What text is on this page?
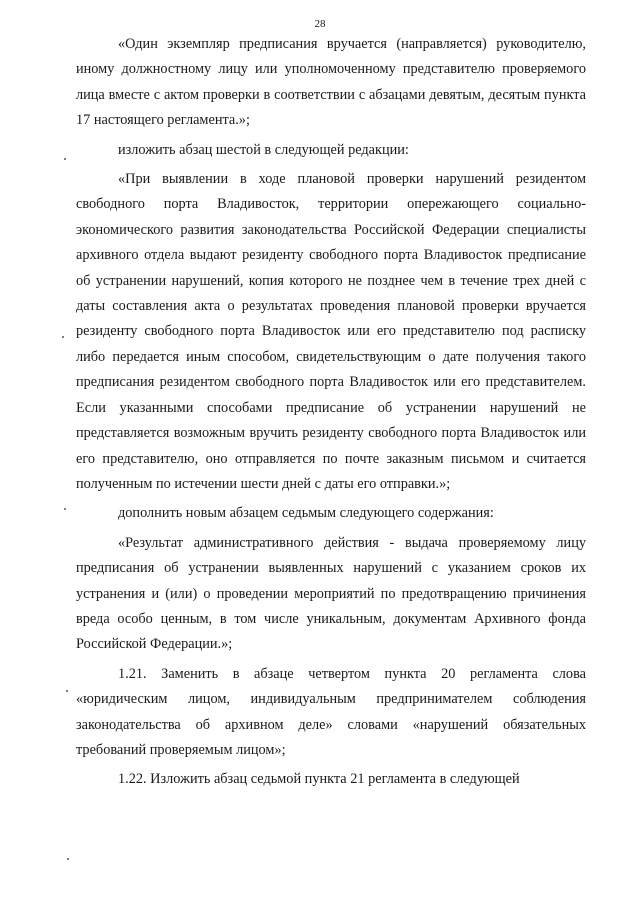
28

«Один экземпляр предписания вручается (направляется) руководителю, иному должностному лицу или уполномоченному представителю проверяемого лица вместе с актом проверки в соответствии с абзацами девятым, десятым пункта 17 настоящего регламента.»;

изложить абзац шестой в следующей редакции:

«При выявлении в ходе плановой проверки нарушений резидентом свободного порта Владивосток, территории опережающего социально-экономического развития законодательства Российской Федерации специалисты архивного отдела выдают резиденту свободного порта Владивосток предписание об устранении нарушений, копия которого не позднее чем в течение трех дней с даты составления акта о результатах проведения плановой проверки вручается резиденту свободного порта Владивосток или его представителю под расписку либо передается иным способом, свидетельствующим о дате получения такого предписания резидентом свободного порта Владивосток или его представителем. Если указанными способами предписание об устранении нарушений не представляется возможным вручить резиденту свободного порта Владивосток или его представителю, оно отправляется по почте заказным письмом и считается полученным по истечении шести дней с даты его отправки.»;

дополнить новым абзацем седьмым следующего содержания:

«Результат административного действия - выдача проверяемому лицу предписания об устранении выявленных нарушений с указанием сроков их устранения и (или) о проведении мероприятий по предотвращению причинения вреда особо ценным, в том числе уникальным, документам Архивного фонда Российской Федерации.»;

1.21. Заменить в абзаце четвертом пункта 20 регламента слова «юридическим лицом, индивидуальным предпринимателем соблюдения законодательства об архивном деле» словами «нарушений обязательных требований проверяемым лицом»;

1.22. Изложить абзац седьмой пункта 21 регламента в следующей
